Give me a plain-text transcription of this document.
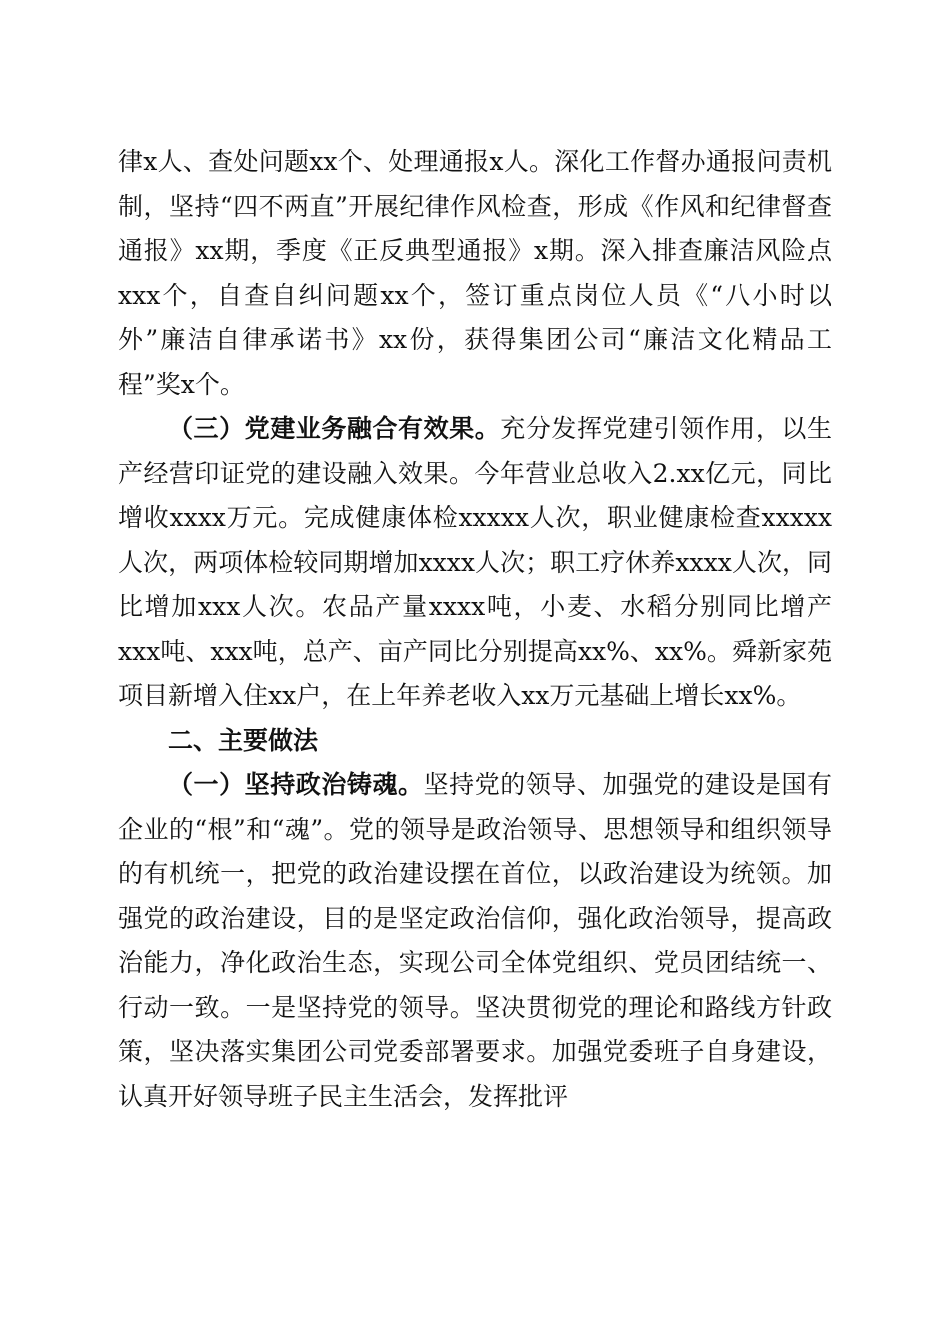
律x人、查处问题xx个、处理通报x人。深化工作督办通报问责机制，坚持“四不两直”开展纪律作风检查，形成《作风和纪律督查通报》xx期，季度《正反典型通报》x期。深入排查廉洁风险点xxx个，自查自纠问题xx个，签订重点岗位人员《“八小时以外”廉洁自律承诺书》xx份，获得集团公司“廉洁文化精品工程”奖x个。

（三）党建业务融合有效果。充分发挥党建引领作用，以生产经营印证党的建设融入效果。今年营业总收入2.xx亿元，同比增收xxxx万元。完成健康体检xxxxx人次，职业健康检查xxxxx人次，两项体检较同期增加xxxx人次；职工疗休养xxxx人次，同比增加xxx人次。农品产量xxxx吨，小麦、水稻分别同比增产xxx吨、xxx吨，总产、亩产同比分别提高xx%、xx%。舜新家苑项目新增入住xx户，在上年养老收入xx万元基础上增长xx%。

二、主要做法

（一）坚持政治铸魂。坚持党的领导、加强党的建设是国有企业的“根”和“魂”。党的领导是政治领导、思想领导和组织领导的有机统一，把党的政治建设摆在首位，以政治建设为统领。加强党的政治建设，目的是坚定政治信仰，强化政治领导，提高政治能力，净化政治生态，实现公司全体党组织、党员团结统一、行动一致。一是坚持党的领导。坚决贯彻党的理论和路线方针政策，坚决落实集团公司党委部署要求。加强党委班子自身建设，认真开好领导班子民主生活会，发挥批评
